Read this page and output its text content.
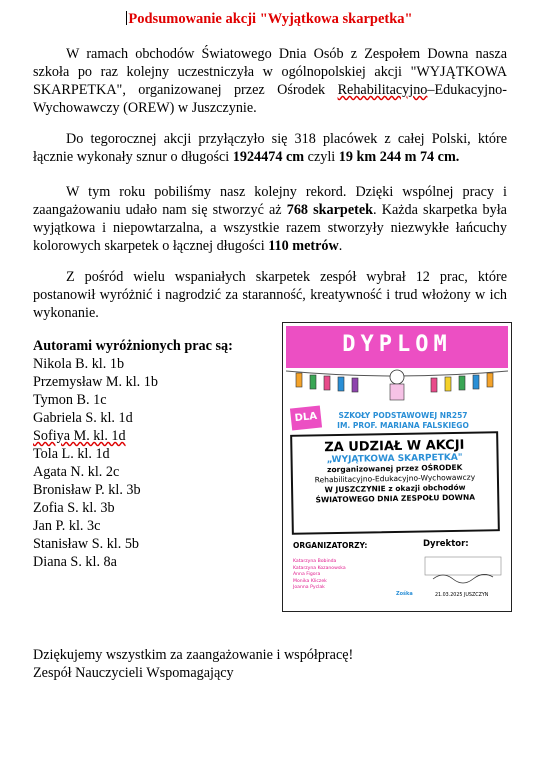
Podsumowanie akcji "Wyjątkowa skarpetka"

W ramach obchodów Światowego Dnia Osób z Zespołem Downa nasza szkoła po raz kolejny uczestniczyła w ogólnopolskiej akcji "WYJĄTKOWA SKARPETKA", organizowanej przez Ośrodek Rehabilitacyjno–Edukacyjno-Wychowawczy (OREW) w Juszczynie.

Do tegorocznej akcji przyłączyło się 318 placówek z całej Polski, które łącznie wykonały sznur o długości 1924474 cm czyli 19 km 244 m 74 cm.

W tym roku pobiliśmy nasz kolejny rekord. Dzięki wspólnej pracy i zaangażowaniu udało nam się stworzyć aż 768 skarpetek. Każda skarpetka była wyjątkowa i niepowtarzalna, a wszystkie razem stworzyły niezwykłe łańcuchy kolorowych skarpetek o łącznej długości 110 metrów.

Z pośród wielu wspaniałych skarpetek zespół wybrał 12 prac, które postanowił wyróżnić i nagrodzić za staranność, kreatywność i trud włożony w ich wykonanie.

Autorami wyróżnionych prac są:
Nikola B. kl. 1b
Przemysław M. kl. 1b
Tymon B. 1c
Gabriela S. kl. 1d
Sofiya M. kl. 1d
Tola L. kl. 1d
Agata N. kl. 2c
Bronisław P. kl. 3b
Zofia S. kl. 3b
Jan P. kl. 3c
Stanisław S. kl. 5b
Diana S. kl. 8a
DYPLOM
DLA	SZKOŁY PODSTAWOWEJ NR257
IM. PROF. MARIANA FALSKIEGO
ZA UDZIAŁ W AKCJI
„WYJĄTKOWA SKARPETKA"
zorganizowanej przez OŚRODEK
Rehabilitacyjno-Edukacyjno-Wychowawczy
W JUSZCZYNIE z okazji obchodów
ŚWIATOWEGO DNIA ZESPOŁU DOWNA
ORGANIZATORZY:
Katarzyna Bobinda
Katarzyna Kozanowska
Anna Figora
Monika Kliczek
Joanna Pyclak
Dyrektor:
Zośka	21.03.2025 JUSZCZYN
Dziękujemy wszystkim za zaangażowanie i współpracę!
Zespół Nauczycieli Wspomagający
